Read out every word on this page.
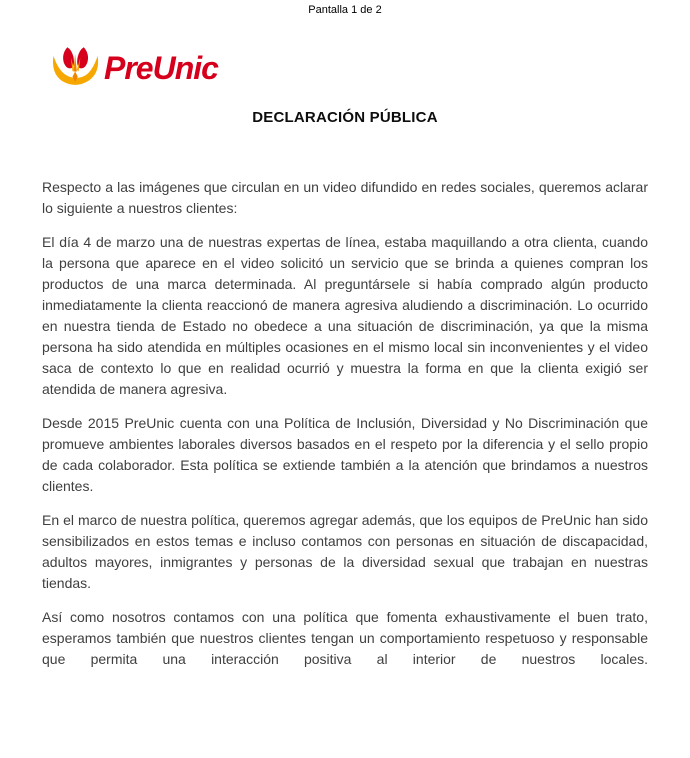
Pantalla 1 de 2
PreUnic
DECLARACIÓN PÚBLICA

Respecto a las imágenes que circulan en un video difundido en redes sociales, queremos aclarar lo siguiente a nuestros clientes:

El día 4 de marzo una de nuestras expertas de línea, estaba maquillando a otra clienta, cuando la persona que aparece en el video solicitó un servicio que se brinda a quienes compran los productos de una marca determinada. Al preguntársele si había comprado algún producto inmediatamente la clienta reaccionó de manera agresiva aludiendo a discriminación. Lo ocurrido en nuestra tienda de Estado no obedece a una situación de discriminación, ya que la misma persona ha sido atendida en múltiples ocasiones en el mismo local sin inconvenientes y el video saca de contexto lo que en realidad ocurrió y muestra la forma en que la clienta exigió ser atendida de manera agresiva.

Desde 2015 PreUnic cuenta con una Política de Inclusión, Diversidad y No Discriminación que promueve ambientes laborales diversos basados en el respeto por la diferencia y el sello propio de cada colaborador. Esta política se extiende también a la atención que brindamos a nuestros clientes.

En el marco de nuestra política, queremos agregar además, que los equipos de PreUnic han sido sensibilizados en estos temas e incluso contamos con personas en situación de discapacidad, adultos mayores, inmigrantes y personas de la diversidad sexual que trabajan en nuestras tiendas.

Así como nosotros contamos con una política que fomenta exhaustivamente el buen trato, esperamos también que nuestros clientes tengan un comportamiento respetuoso y responsable que permita una interacción positiva al interior de nuestros locales.
